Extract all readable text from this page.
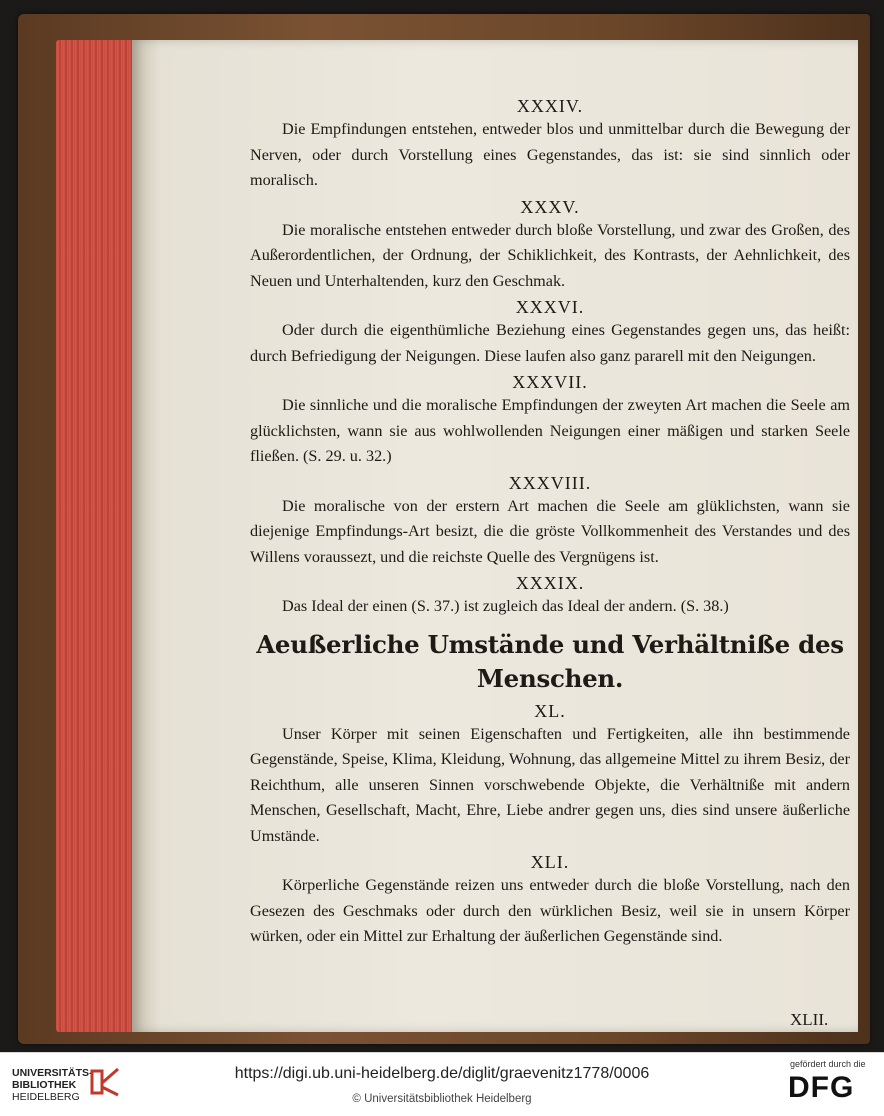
XXXIV.

Die Empfindungen entstehen, entweder blos und unmittelbar durch die Bewegung der Nerven, oder durch Vorstellung eines Gegenstandes, das ist: sie sind sinnlich oder moralisch.

XXXV.

Die moralische entstehen entweder durch bloße Vorstellung, und zwar des Großen, des Außerordentlichen, der Ordnung, der Schiklichkeit, des Kontrasts, der Aehnlichkeit, des Neuen und Unterhaltenden, kurz den Geschmak.

XXXVI.

Oder durch die eigenthümliche Beziehung eines Gegenstandes gegen uns, das heißt: durch Befriedigung der Neigungen. Diese laufen also ganz pararell mit den Neigungen.

XXXVII.

Die sinnliche und die moralische Empfindungen der zweyten Art machen die Seele am glücklichsten, wann sie aus wohlwollenden Neigungen einer mäßigen und starken Seele fließen. (S. 29. u. 32.)

XXXVIII.

Die moralische von der erstern Art machen die Seele am glüklichsten, wann sie diejenige Empfindungs-Art besizt, die die gröste Vollkommenheit des Verstandes und des Willens voraussezt, und die reichste Quelle des Vergnügens ist.

XXXIX.

Das Ideal der einen (S. 37.) ist zugleich das Ideal der andern. (S. 38.)

Aeußerliche Umstände und Verhältniße des Menschen.

XL.

Unser Körper mit seinen Eigenschaften und Fertigkeiten, alle ihn bestimmende Gegenstände, Speise, Klima, Kleidung, Wohnung, das allgemeine Mittel zu ihrem Besiz, der Reichthum, alle unseren Sinnen vorschwebende Objekte, die Verhältniße mit andern Menschen, Gesellschaft, Macht, Ehre, Liebe andrer gegen uns, dies sind unsere äußerliche Umstände.

XLI.

Körperliche Gegenstände reizen uns entweder durch die bloße Vorstellung, nach den Gesezen des Geschmaks oder durch den würklichen Besiz, weil sie in unsern Körper würken, oder ein Mittel zur Erhaltung der äußerlichen Gegenstände sind.

XLII.
UNIVERSITÄTS-
BIBLIOTHEK
HEIDELBERG
https://digi.ub.uni-heidelberg.de/diglit/graevenitz1778/0006
© Universitätsbibliothek Heidelberg
gefördert durch die
DFG
